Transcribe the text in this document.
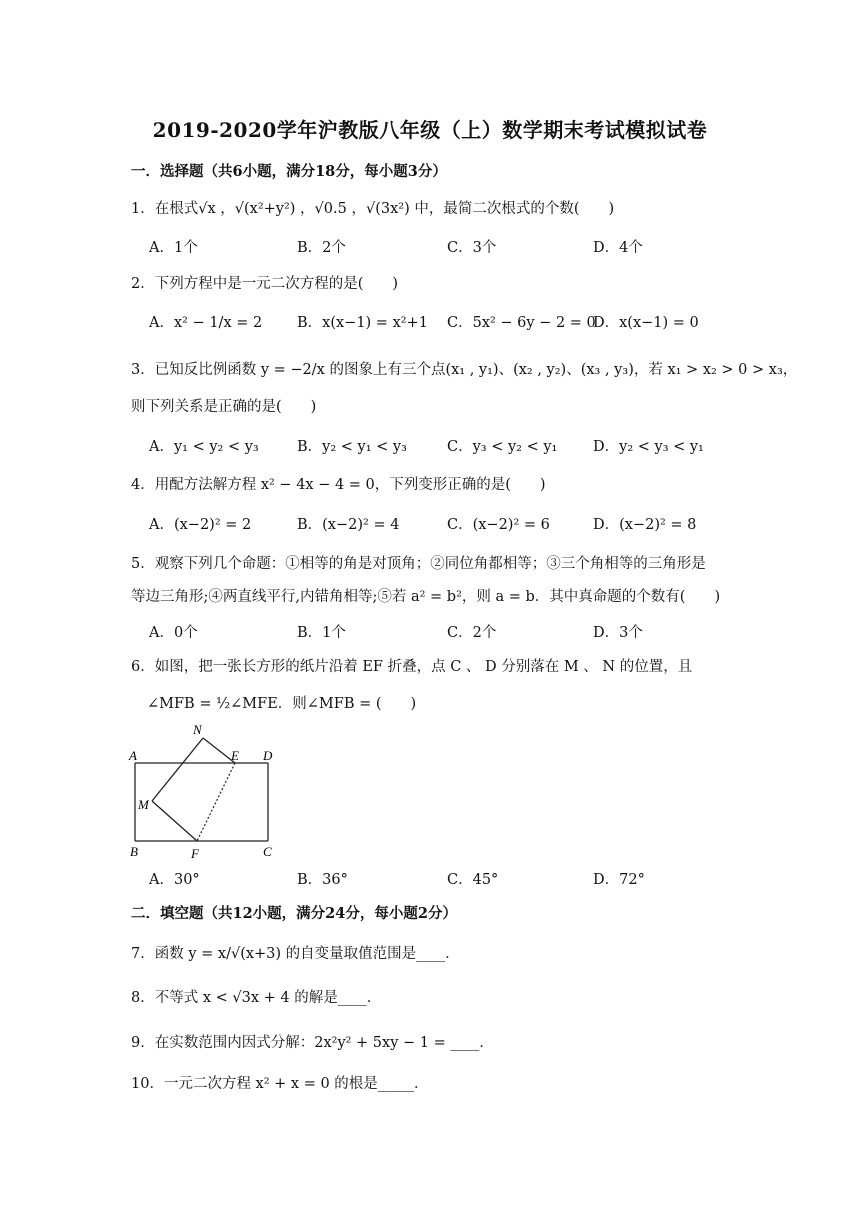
2019-2020学年沪教版八年级（上）数学期末考试模拟试卷
一．选择题（共6小题，满分18分，每小题3分）
1．在根式√x ，√(x²+y²) ，√0.5 ，√(3x²) 中，最简二次根式的个数(　　)
A．1个	B．2个	C．3个	D．4个
2．下列方程中是一元二次方程的是(　　)
A．x² − 1/x = 2 B．x(x−1) = x²+1 C．5x² − 6y − 2 = 0
D．x(x−1) = 0
3．已知反比例函数 y = −2/x 的图象上有三个点(x₁ , y₁)、(x₂ , y₂)、(x₃ , y₃)，若 x₁ > x₂ > 0 > x₃，
则下列关系是正确的是(　　)
A．y₁ < y₂ < y₃	B．y₂ < y₁ < y₃	C．y₃ < y₂ < y₁ D．y₂ < y₃ < y₁
4．用配方法解方程 x² − 4x − 4 = 0，下列变形正确的是(　　)
A．(x−2)² = 2	B．(x−2)² = 4	C．(x−2)² = 6	D．(x−2)² = 8
5．观察下列几个命题：①相等的角是对顶角；②同位角都相等；③三个角相等的三角形是
等边三角形;④两直线平行,内错角相等;⑤若 a² = b²，则 a = b．其中真命题的个数有(　　)
A．0个	B．1个	C．2个	D．3个
6．如图，把一张长方形的纸片沿着 EF 折叠，点 C 、 D 分别落在 M 、 N 的位置，且
∠MFB = ½∠MFE．则∠MFB = (　　)
A
N
E D
M
B	F	C
A．30°	B．36°	C．45°	D．72°
二．填空题（共12小题，满分24分，每小题2分）
7．函数 y = x/√(x+3) 的自变量取值范围是____．
8．不等式 x < √3x + 4 的解是____．
9．在实数范围内因式分解：2x²y² + 5xy − 1 = ____．
10．一元二次方程 x² + x = 0 的根是_____．
